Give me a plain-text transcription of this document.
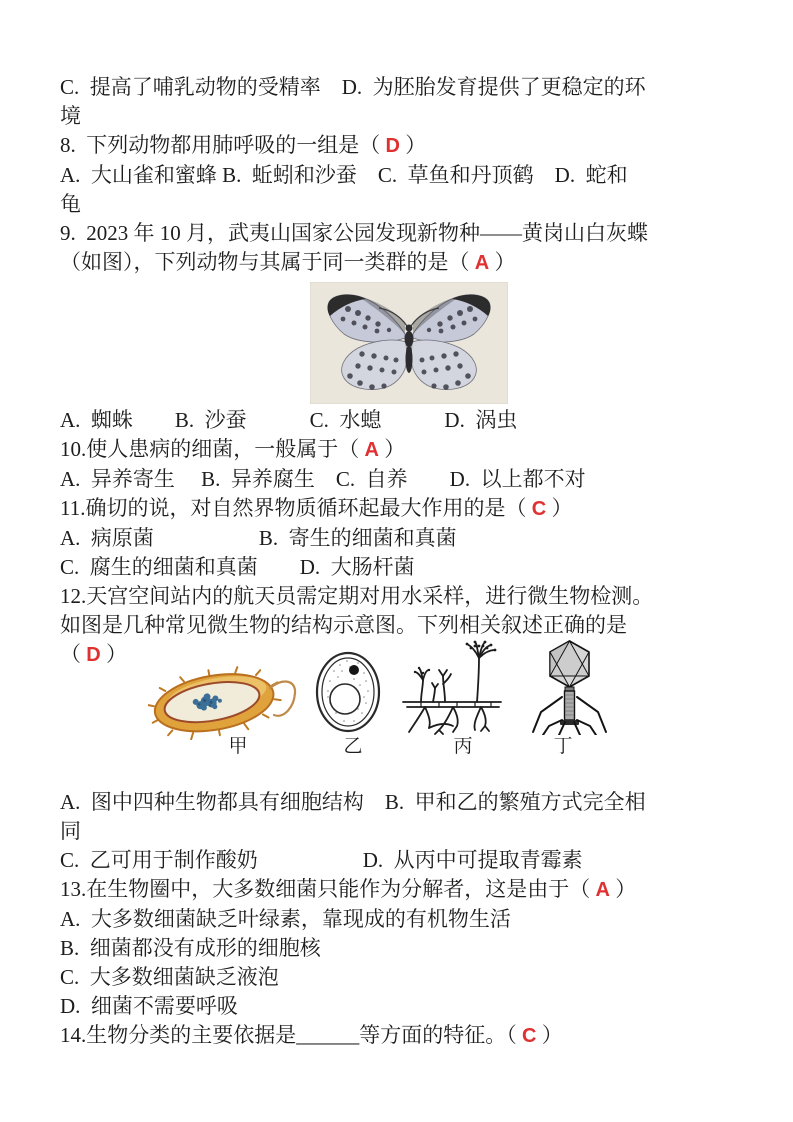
C.  提高了哺乳动物的受精率　D.  为胚胎发育提供了更稳定的环

境

8.  下列动物都用肺呼吸的一组是（ D ）

A.  大山雀和蜜蜂 B.  蚯蚓和沙蚕　C.  草鱼和丹顶鹤　D.  蛇和

龟

9.  2023 年 10 月，武夷山国家公园发现新物种——黄岗山白灰蝶

（如图），下列动物与其属于同一类群的是（ A ）

A.  蜘蛛　　B.  沙蚕　　　C.  水螅　　　D.  涡虫

10.使人患病的细菌，一般属于（ A ）

A.  异养寄生　 B.  异养腐生　C.  自养　　D.  以上都不对

11.确切的说，对自然界物质循环起最大作用的是（ C ）

A.  病原菌　　　　　B.  寄生的细菌和真菌

C.  腐生的细菌和真菌　　D.  大肠杆菌

12.天宫空间站内的航天员需定期对用水采样，进行微生物检测。

如图是几种常见微生物的结构示意图。下列相关叙述正确的是

（ D ）

甲	乙	丙	丁

A.  图中四种生物都具有细胞结构　B.  甲和乙的繁殖方式完全相

同

C.  乙可用于制作酸奶　　　　　D.  从丙中可提取青霉素

13.在生物圈中，大多数细菌只能作为分解者，这是由于（ A ）

A.  大多数细菌缺乏叶绿素，靠现成的有机物生活

B.  细菌都没有成形的细胞核

C.  大多数细菌缺乏液泡

D.  细菌不需要呼吸

14.生物分类的主要依据是______等方面的特征。（ C ）
